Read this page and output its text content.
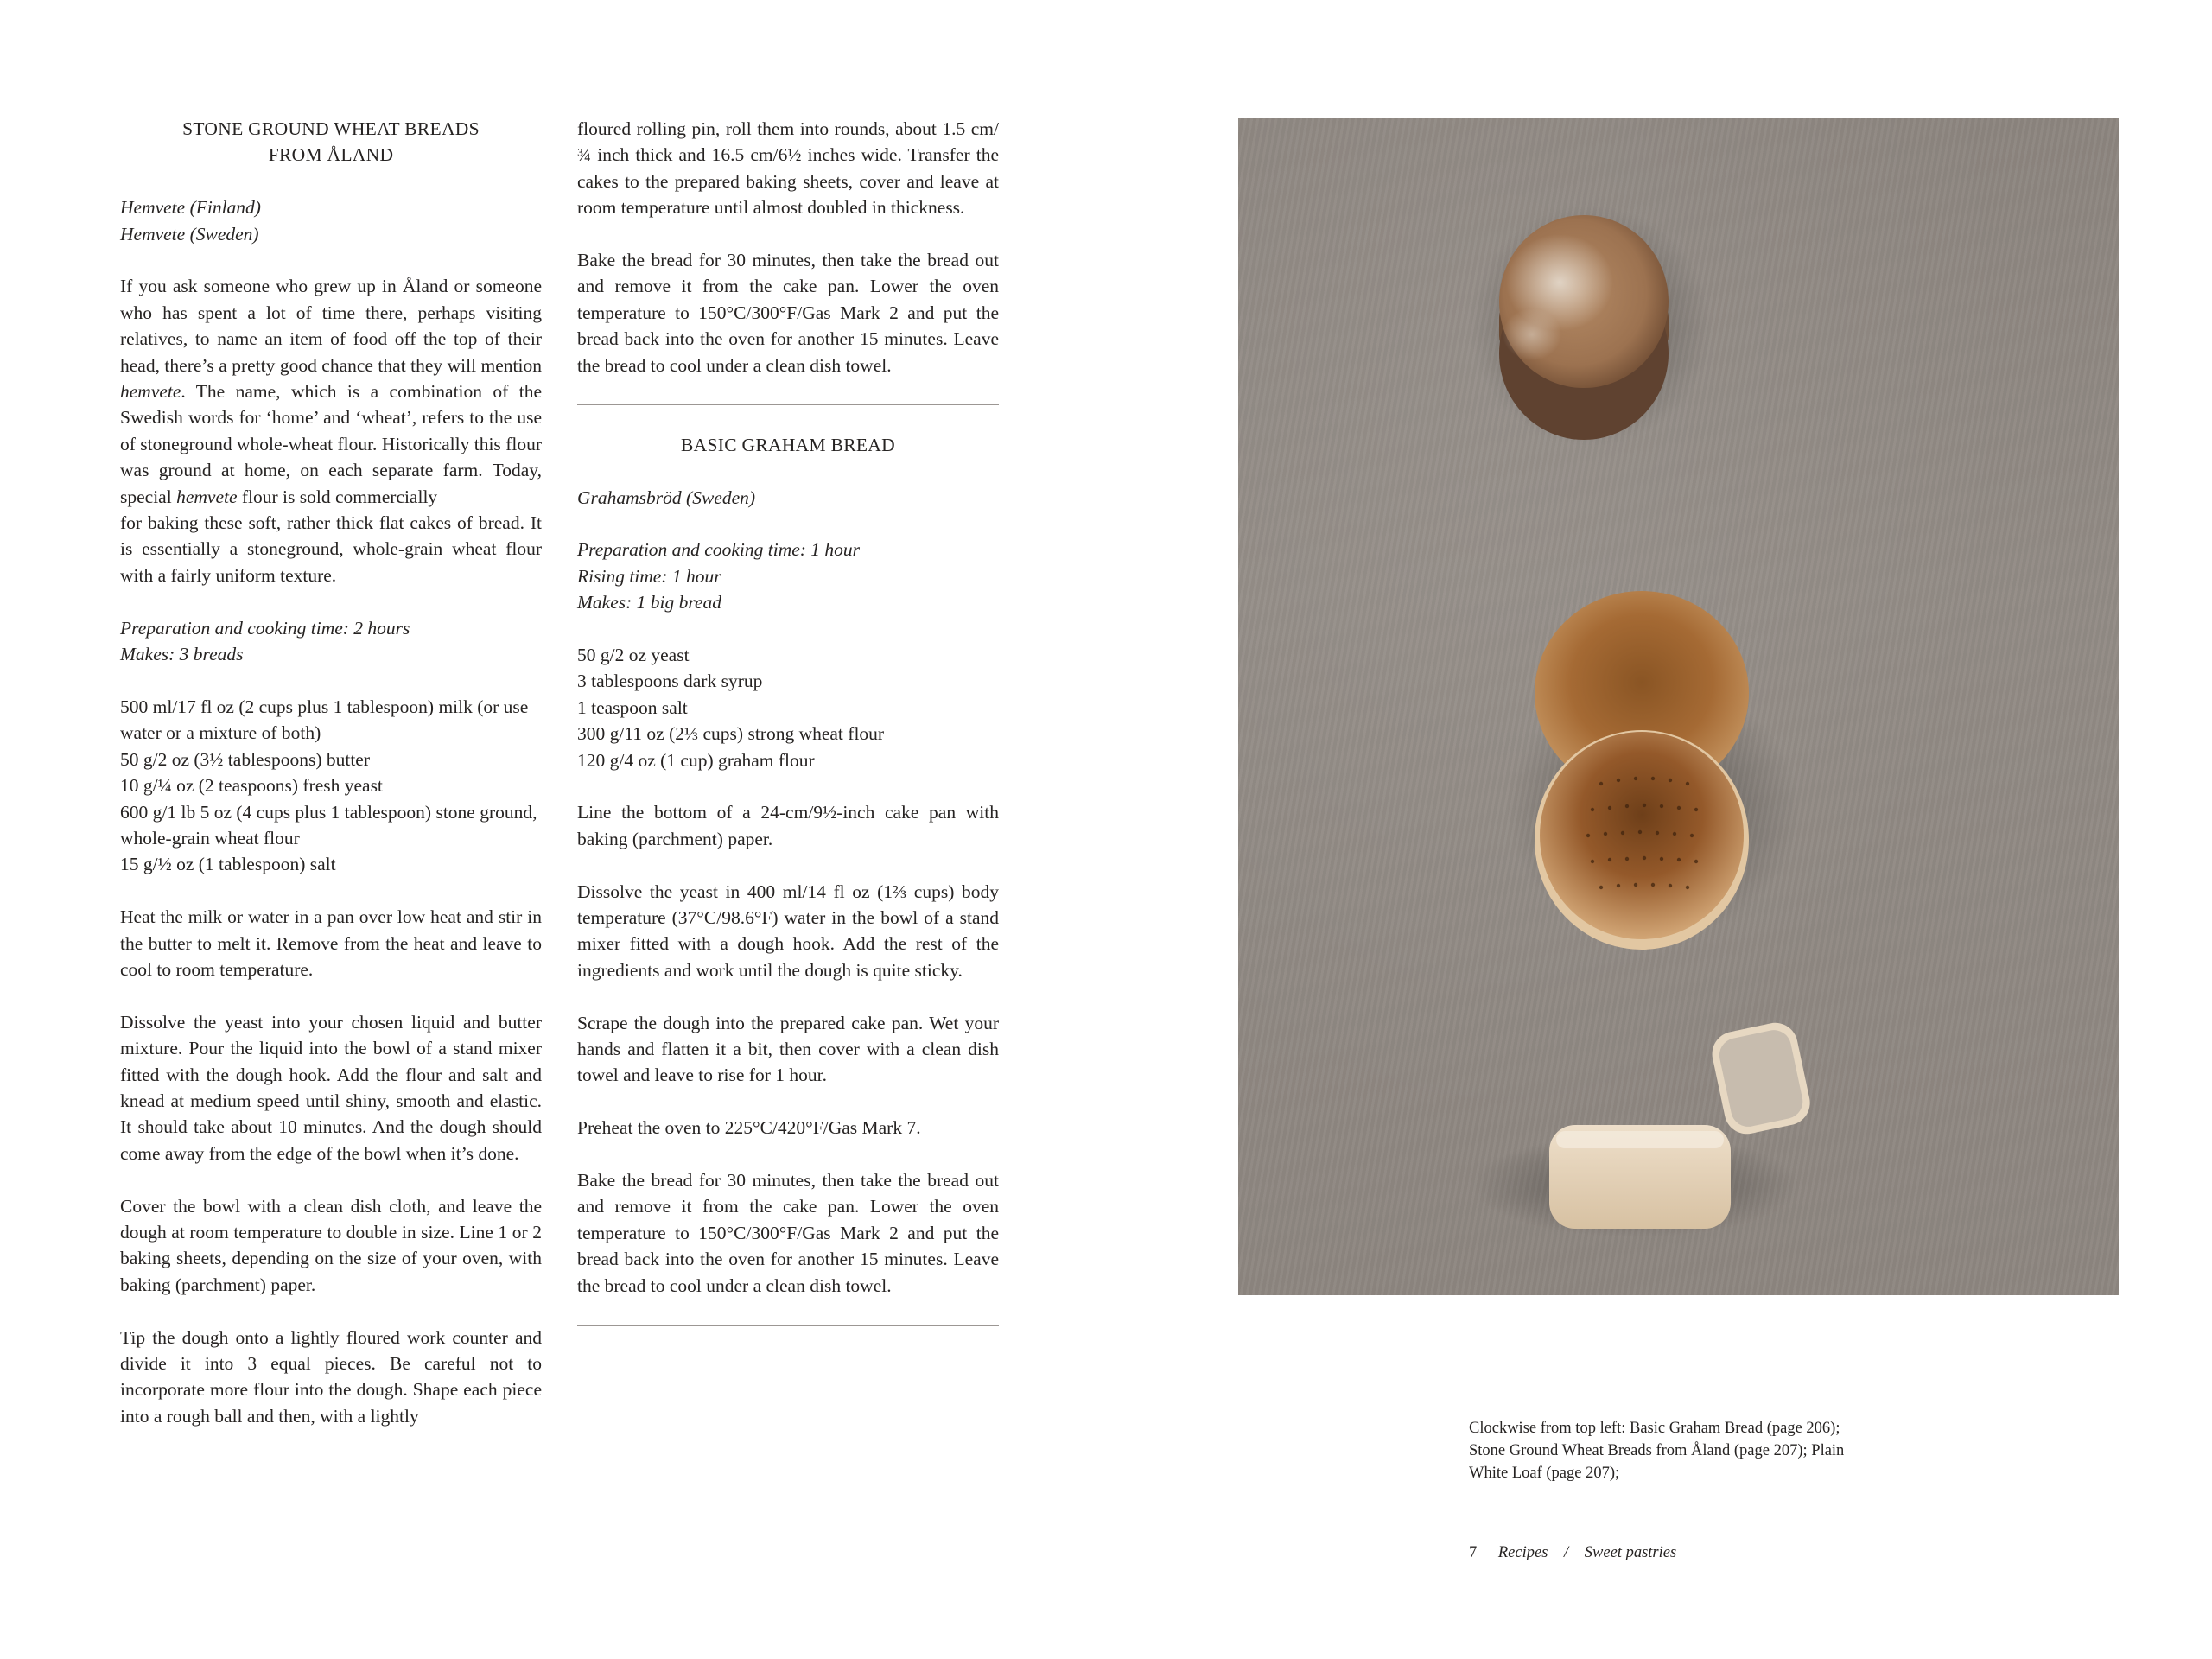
STONE GROUND WHEAT BREADS
FROM ÅLAND

Hemvete (Finland)
Hemvete (Sweden)

If you ask someone who grew up in Åland or someone who has spent a lot of time there, perhaps visiting relatives, to name an item of food off the top of their head, there’s a pretty good chance that they will mention hemvete. The name, which is a combination of the Swedish words for ‘home’ and ‘wheat’, refers to the use of stoneground whole-wheat flour. Historically this flour was ground at home, on each separate farm. Today, special hemvete flour is sold commercially

for baking these soft, rather thick flat cakes of bread. It is essentially a stoneground, whole-grain wheat flour with a fairly uniform texture.

Preparation and cooking time: 2 hours
Makes: 3 breads

500 ml/17 fl oz (2 cups plus 1 tablespoon) milk (or use water or a mixture of both)
50 g/2 oz (3½ tablespoons) butter
10 g/¼ oz (2 teaspoons) fresh yeast
600 g/1 lb 5 oz (4 cups plus 1 tablespoon) stone ground, whole-grain wheat flour
15 g/½ oz (1 tablespoon) salt

Heat the milk or water in a pan over low heat and stir in the butter to melt it. Remove from the heat and leave to cool to room temperature.

Dissolve the yeast into your chosen liquid and butter mixture. Pour the liquid into the bowl of a stand mixer fitted with the dough hook. Add the flour and salt and knead at medium speed until shiny, smooth and elastic. It should take about 10 minutes. And the dough should come away from the edge of the bowl when it’s done.

Cover the bowl with a clean dish cloth, and leave the dough at room temperature to double in size. Line 1 or 2 baking sheets, depending on the size of your oven, with baking (parchment) paper.

Tip the dough onto a lightly floured work counter and divide it into 3 equal pieces. Be careful not to incorporate more flour into the dough. Shape each piece into a rough ball and then, with a lightly

floured rolling pin, roll them into rounds, about 1.5 cm/¾ inch thick and 16.5 cm/6½ inches wide. Transfer the cakes to the prepared baking sheets, cover and leave at room temperature until almost doubled in thickness.

Bake the bread for 30 minutes, then take the bread out and remove it from the cake pan. Lower the oven temperature to 150°C/300°F/Gas Mark 2 and put the bread back into the oven for another 15 minutes. Leave the bread to cool under a clean dish towel.

BASIC GRAHAM BREAD

Grahamsbröd (Sweden)

Preparation and cooking time: 1 hour
Rising time: 1 hour
Makes: 1 big bread

50 g/2 oz yeast
3 tablespoons dark syrup
1 teaspoon salt
300 g/11 oz (2⅓ cups) strong wheat flour
120 g/4 oz (1 cup) graham flour

Line the bottom of a 24-cm/9½-inch cake pan with baking (parchment) paper.

Dissolve the yeast in 400 ml/14 fl oz (1⅔ cups) body temperature (37°C/98.6°F) water in the bowl of a stand mixer fitted with a dough hook. Add the rest of the ingredients and work until the dough is quite sticky.

Scrape the dough into the prepared cake pan. Wet your hands and flatten it a bit, then cover with a clean dish towel and leave to rise for 1 hour.

Preheat the oven to 225°C/420°F/Gas Mark 7.

Bake the bread for 30 minutes, then take the bread out and remove it from the cake pan. Lower the oven temperature to 150°C/300°F/Gas Mark 2 and put the bread back into the oven for another 15 minutes. Leave the bread to cool under a clean dish towel.

Clockwise from top left: Basic Graham Bread (page 206);
Stone Ground Wheat Breads from Åland (page 207); Plain
White Loaf (page 207);
7 Recipes / Sweet pastries
